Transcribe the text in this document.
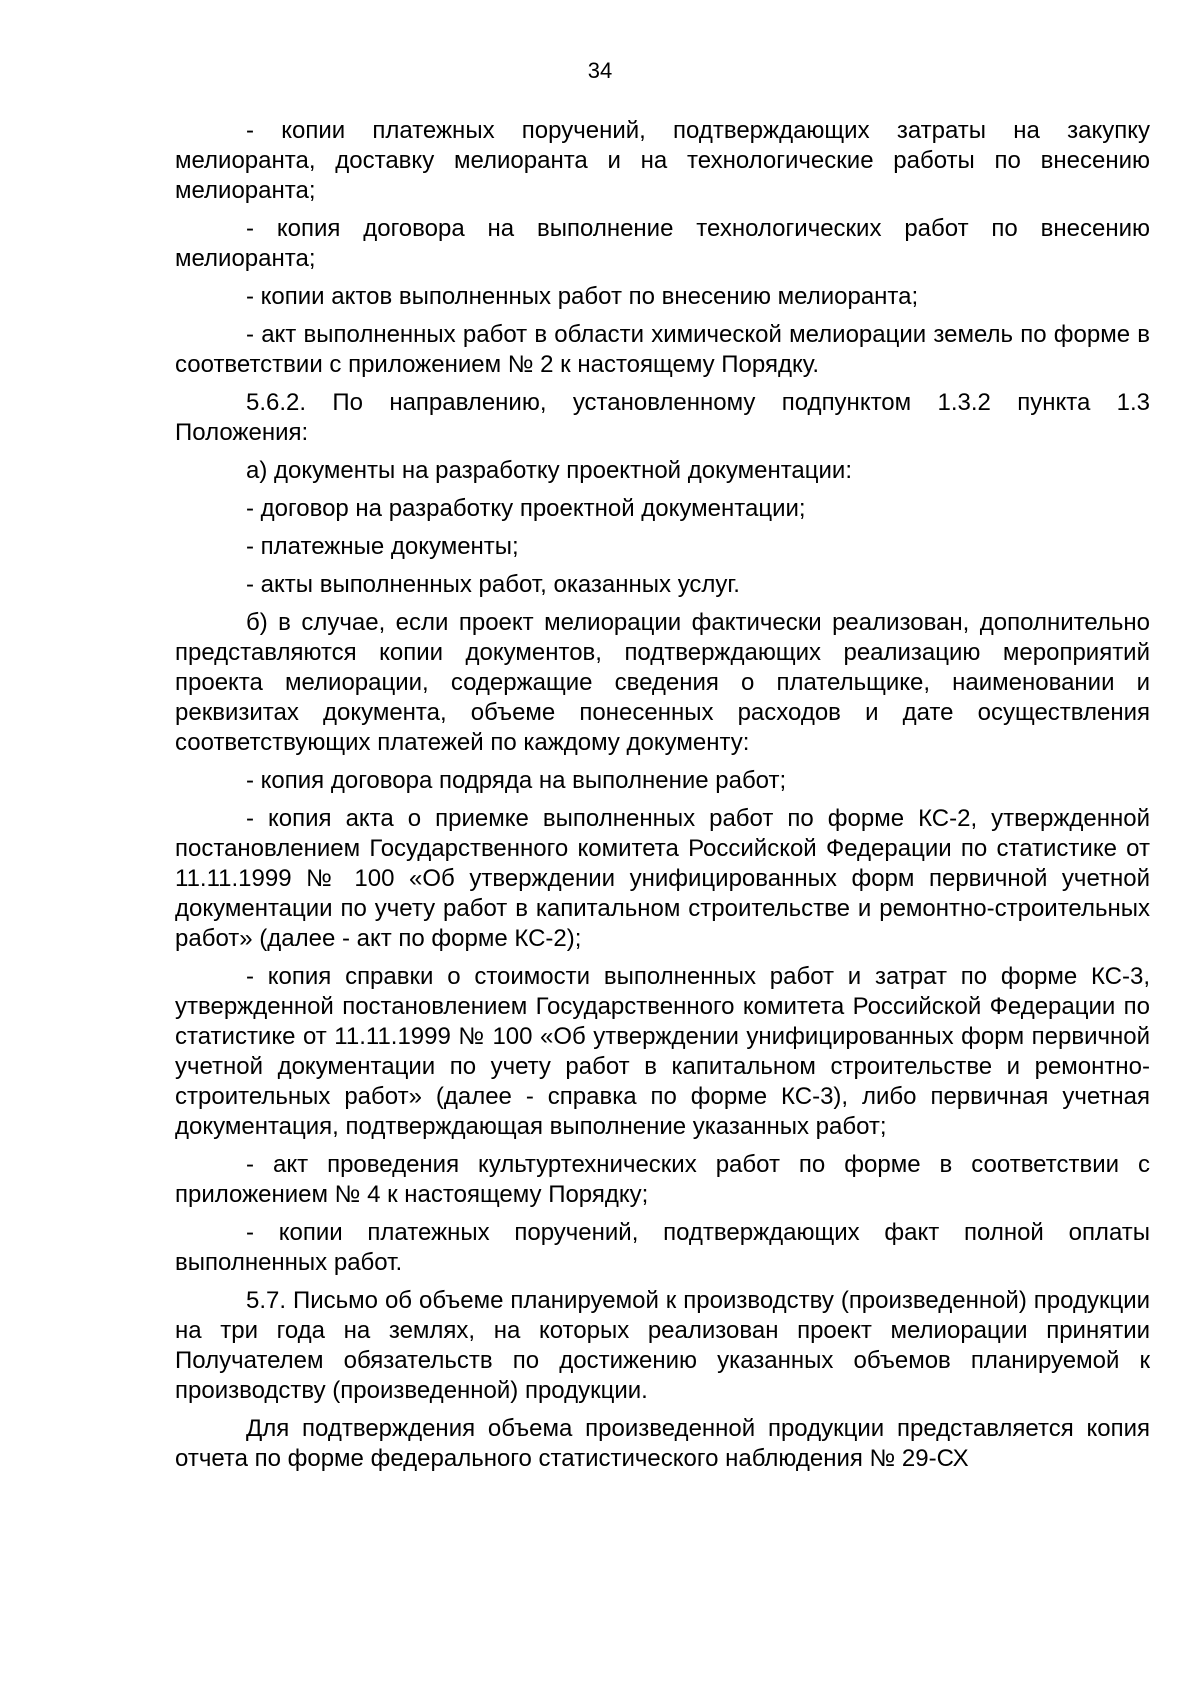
34

- копии платежных поручений, подтверждающих затраты на закупку мелиоранта, доставку мелиоранта и на технологические работы по внесению мелиоранта;

- копия договора на выполнение технологических работ по внесению мелиоранта;

- копии актов выполненных работ по внесению мелиоранта;

- акт выполненных работ в области химической мелиорации земель по форме в соответствии с приложением № 2 к настоящему Порядку.

5.6.2. По направлению, установленному подпунктом 1.3.2 пункта 1.3 Положения:

а) документы на разработку проектной документации:

- договор на разработку проектной документации;

- платежные документы;

- акты выполненных работ, оказанных услуг.

б) в случае, если проект мелиорации фактически реализован, дополнительно представляются копии документов, подтверждающих реализацию мероприятий проекта мелиорации, содержащие сведения о плательщике, наименовании и реквизитах документа, объеме понесенных расходов и дате осуществления соответствующих платежей по каждому документу:

- копия договора подряда на выполнение работ;

- копия акта о приемке выполненных работ по форме КС-2, утвержденной постановлением Государственного комитета Российской Федерации по статистике от 11.11.1999 № 100 «Об утверждении унифицированных форм первичной учетной документации по учету работ в капитальном строительстве и ремонтно-строительных работ» (далее - акт по форме КС-2);

- копия справки о стоимости выполненных работ и затрат по форме КС-3, утвержденной постановлением Государственного комитета Российской Федерации по статистике от 11.11.1999 № 100 «Об утверждении унифицированных форм первичной учетной документации по учету работ в капитальном строительстве и ремонтно-строительных работ» (далее - справка по форме КС-3), либо первичная учетная документация, подтверждающая выполнение указанных работ;

- акт проведения культуртехнических работ по форме в соответствии с приложением № 4 к настоящему Порядку;

- копии платежных поручений, подтверждающих факт полной оплаты выполненных работ.

5.7. Письмо об объеме планируемой к производству (произведенной) продукции на три года на землях, на которых реализован проект мелиорации принятии Получателем обязательств по достижению указанных объемов планируемой к производству (произведенной) продукции.

Для подтверждения объема произведенной продукции представляется копия отчета по форме федерального статистического наблюдения № 29-СХ
